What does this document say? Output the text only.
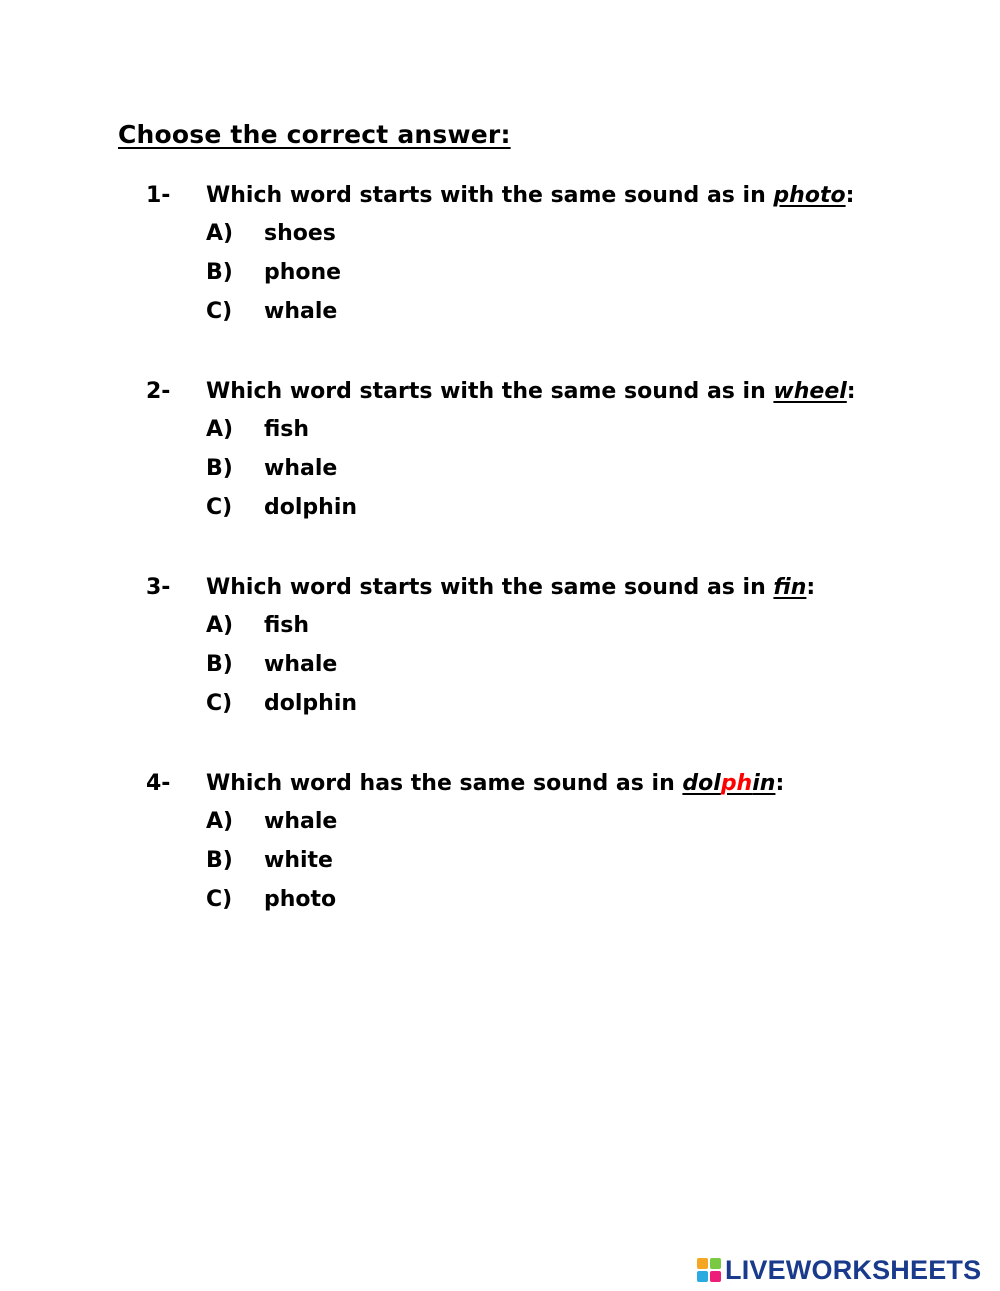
Choose the correct answer:
1- Which word starts with the same sound as in photo:
A) shoes
B) phone
C) whale
2- Which word starts with the same sound as in wheel:
A) fish
B) whale
C) dolphin
3- Which word starts with the same sound as in fin:
A) fish
B) whale
C) dolphin
4- Which word has the same sound as in dolphin:
A) whale
B) white
C) photo
LIVEWORKSHEETS
